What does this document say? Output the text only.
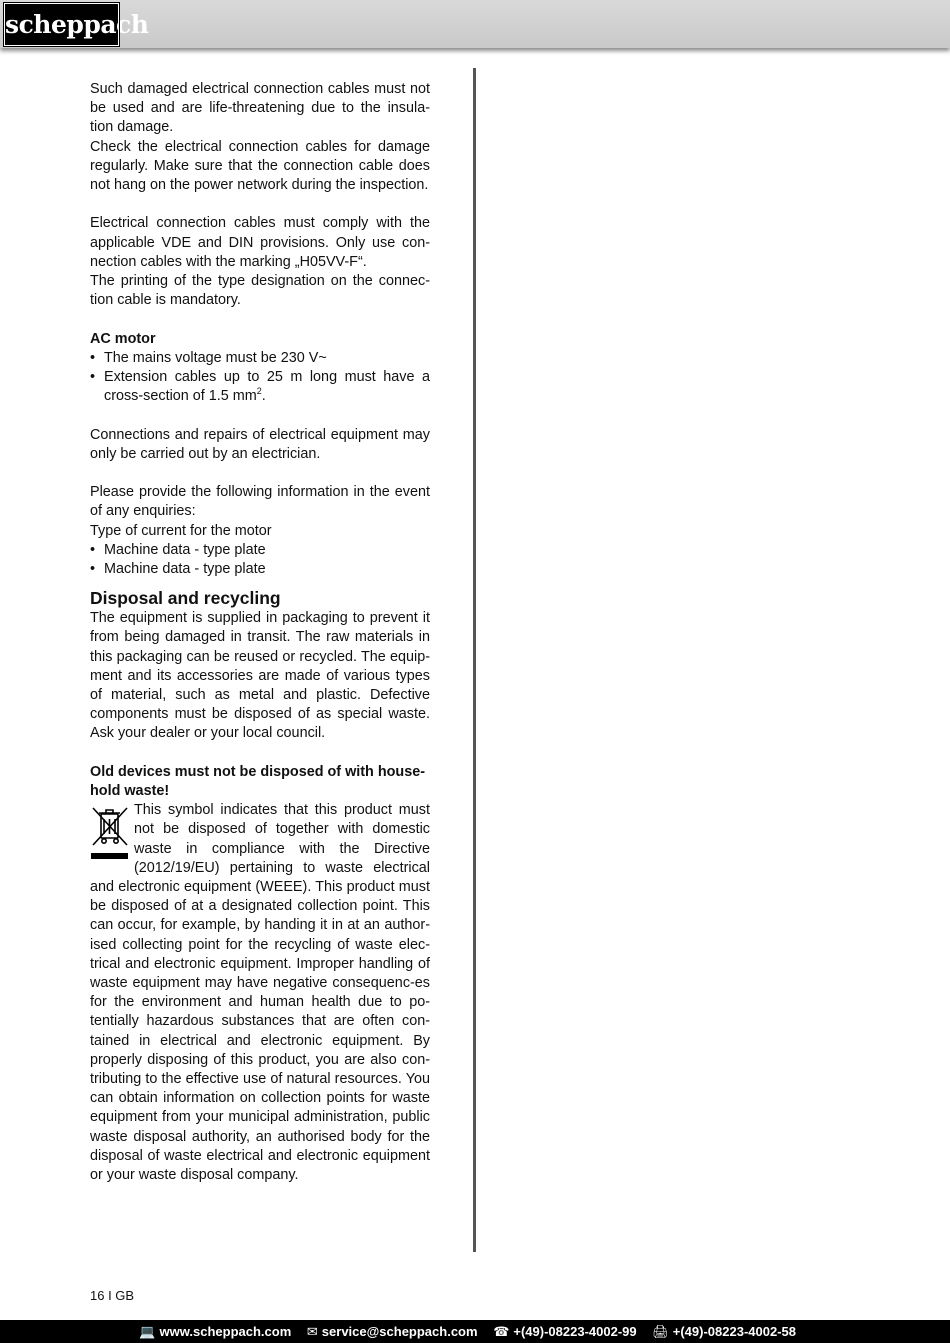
scheppach

Such damaged electrical connection cables must not be used and are life-threatening due to the insula-tion damage.

Check the electrical connection cables for damage regularly. Make sure that the connection cable does not hang on the power network during the inspection.

Electrical connection cables must comply with the applicable VDE and DIN provisions. Only use con-nection cables with the marking „H05VV-F“.

The printing of the type designation on the connec-tion cable is mandatory.

AC motor

• The mains voltage must be 230 V~
• Extension cables up to 25 m long must have a cross-section of 1.5 $mm^2$.

Connections and repairs of electrical equipment may only be carried out by an electrician.

Please provide the following information in the event of any enquiries:

Type of current for the motor

• Machine data - type plate
• Machine data - type plate
Disposal and recycling

The equipment is supplied in packaging to prevent it from being damaged in transit. The raw materials in this packaging can be reused or recycled. The equip-ment and its accessories are made of various types of material, such as metal and plastic. Defective components must be disposed of as special waste. Ask your dealer or your local council.

Old devices must not be disposed of with house-hold waste!

This symbol indicates that this product must not be disposed of together with domestic waste in compliance with the Directive (2012/19/EU) pertaining to waste electrical and electronic equipment (WEEE). This product must be disposed of at a designated collection point. This can occur, for example, by handing it in at an author-ised collecting point for the recycling of waste elec-trical and electronic equipment. Improper handling of waste equipment may have negative consequenc-es for the environment and human health due to po-tentially hazardous substances that are often con-tained in electrical and electronic equipment. By properly disposing of this product, you are also con-tributing to the effective use of natural resources. You can obtain information on collection points for waste equipment from your municipal administration, public waste disposal authority, an authorised body for the disposal of waste electrical and electronic equipment or your waste disposal company.

16 I GB
💻 www.scheppach.com ✉ service@scheppach.com ☎ +(49)-08223-4002-99 🖨 +(49)-08223-4002-58
